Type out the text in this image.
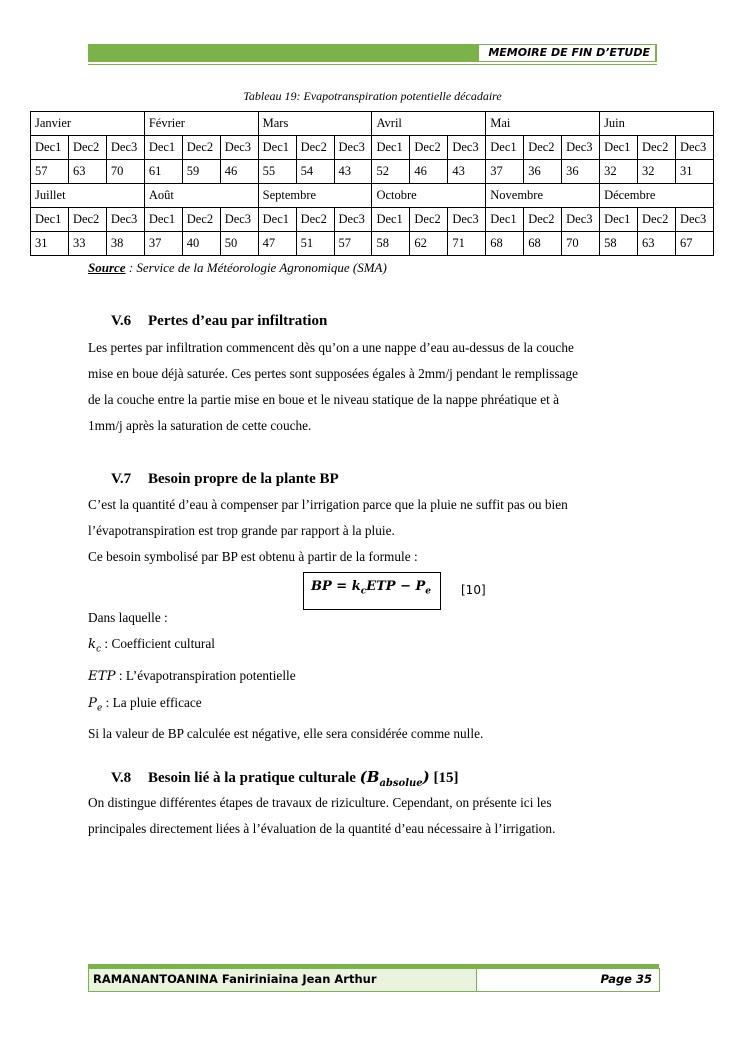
MEMOIRE DE FIN D’ETUDE
Tableau 19: Evapotranspiration potentielle décadaire
Janvier			Février			Mars			Avril			Mai			Juin		
Dec1	Dec2	Dec3	Dec1	Dec2	Dec3	Dec1	Dec2	Dec3	Dec1	Dec2	Dec3	Dec1	Dec2	Dec3	Dec1	Dec2	Dec3
57	63	70	61	59	46	55	54	43	52	46	43	37	36	36	32	32	31
Juillet			Août			Septembre			Octobre			Novembre			Décembre		
Dec1	Dec2	Dec3	Dec1	Dec2	Dec3	Dec1	Dec2	Dec3	Dec1	Dec2	Dec3	Dec1	Dec2	Dec3	Dec1	Dec2	Dec3
31	33	38	37	40	50	47	51	57	58	62	71	68	68	70	58	63	67
Source : Service de la Météorologie Agronomique (SMA)
V.6 Pertes d’eau par infiltration
Les pertes par infiltration commencent dès qu’on a une nappe d’eau au-dessus de la couche
mise en boue déjà saturée. Ces pertes sont supposées égales à 2mm/j pendant le remplissage
de la couche entre la partie mise en boue et le niveau statique de la nappe phréatique et à
1mm/j après la saturation de cette couche.
V.7 Besoin propre de la plante BP
C’est la quantité d’eau à compenser par l’irrigation parce que la pluie ne suffit pas ou bien
l’évapotranspiration est trop grande par rapport à la pluie.
Ce besoin symbolisé par BP est obtenu à partir de la formule :
BP = $k_cETP - P_e$	[10]
Dans laquelle :
$k_c$ : Coefficient cultural
ETP : L’évapotranspiration potentielle
$P_e$ : La pluie efficace
Si la valeur de BP calculée est négative, elle sera considérée comme nulle.
V.8 Besoin lié à la pratique culturale $(B_{absolue})$ [15]
On distingue différentes étapes de travaux de riziculture. Cependant, on présente ici les
principales directement liées à l’évaluation de la quantité d’eau nécessaire à l’irrigation.
RAMANANTOANINA Faniriniaina Jean Arthur	Page 35
